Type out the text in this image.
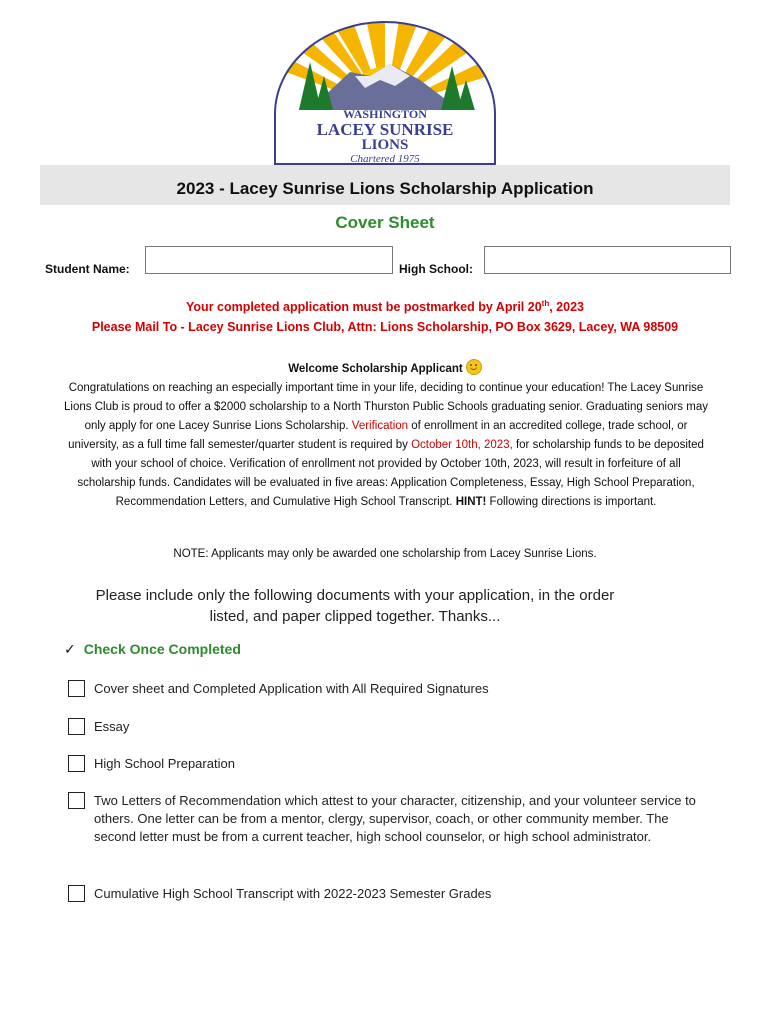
WASHINGTON
LACEY SUNRISE
LIONS
Chartered 1975
2023 - Lacey Sunrise Lions Scholarship Application
Cover Sheet
Student Name:	High School:
Your completed application must be postmarked by April 20th, 2023
Please Mail To - Lacey Sunrise Lions Club, Attn: Lions Scholarship, PO Box 3629, Lacey, WA 98509
Welcome Scholarship Applicant
Congratulations on reaching an especially important time in your life, deciding to continue your education! The Lacey Sunrise Lions Club is proud to offer a $2000 scholarship to a North Thurston Public Schools graduating senior. Graduating seniors may only apply for one Lacey Sunrise Lions Scholarship. Verification of enrollment in an accredited college, trade school, or university, as a full time fall semester/quarter student is required by October 10th, 2023, for scholarship funds to be deposited with your school of choice. Verification of enrollment not provided by October 10th, 2023, will result in forfeiture of all scholarship funds. Candidates will be evaluated in five areas: Application Completeness, Essay, High School Preparation, Recommendation Letters, and Cumulative High School Transcript. HINT! Following directions is important.
NOTE: Applicants may only be awarded one scholarship from Lacey Sunrise Lions.
Please include only the following documents with your application, in the order listed, and paper clipped together. Thanks...
✓ Check Once Completed
Cover sheet and Completed Application with All Required Signatures
Essay
High School Preparation
Two Letters of Recommendation which attest to your character, citizenship, and your volunteer service to others. One letter can be from a mentor, clergy, supervisor, coach, or other community member. The second letter must be from a current teacher, high school counselor, or high school administrator.
Cumulative High School Transcript with 2022-2023 Semester Grades
